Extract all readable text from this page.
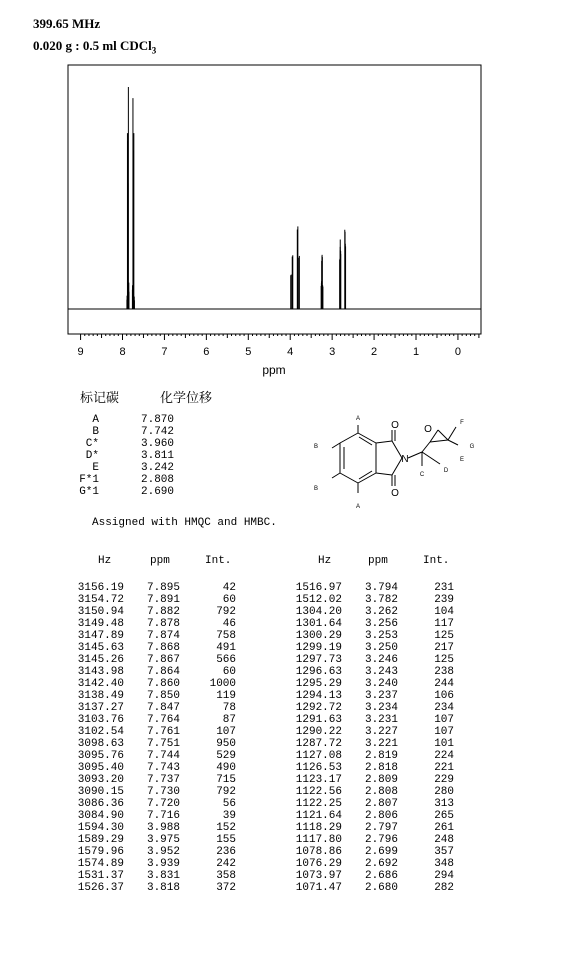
399.65 MHz
0.020 g : 0.5 ml CDCl$_3$
9	8	7	6	5	4	3	2	1	0
ppm
标记碳	化学位移
A	7.870
B	7.742
C*	3.960
D*	3.811
E	3.242
F*1	2.808
G*1	2.690
Assigned with HMQC and HMBC.
O
O
O
N
A
A
B
B
C
D
E
F
G
Hz	ppm	Int.	Hz	ppm	Int.
3156.19	7.895	42
3154.72	7.891	60
3150.94	7.882	792
3149.48	7.878	46
3147.89	7.874	758
3145.63	7.868	491
3145.26	7.867	566
3143.98	7.864	60
3142.40	7.860	1000
3138.49	7.850	119
3137.27	7.847	78
3103.76	7.764	87
3102.54	7.761	107
3098.63	7.751	950
3095.76	7.744	529
3095.40	7.743	490
3093.20	7.737	715
3090.15	7.730	792
3086.36	7.720	56
3084.90	7.716	39
1594.30	3.988	152
1589.29	3.975	155
1579.96	3.952	236
1574.89	3.939	242
1531.37	3.831	358
1526.37	3.818	372
1516.97	3.794	231
1512.02	3.782	239
1304.20	3.262	104
1301.64	3.256	117
1300.29	3.253	125
1299.19	3.250	217
1297.73	3.246	125
1296.63	3.243	238
1295.29	3.240	244
1294.13	3.237	106
1292.72	3.234	234
1291.63	3.231	107
1290.22	3.227	107
1287.72	3.221	101
1127.08	2.819	224
1126.53	2.818	221
1123.17	2.809	229
1122.56	2.808	280
1122.25	2.807	313
1121.64	2.806	265
1118.29	2.797	261
1117.80	2.796	248
1078.86	2.699	357
1076.29	2.692	348
1073.97	2.686	294
1071.47	2.680	282
